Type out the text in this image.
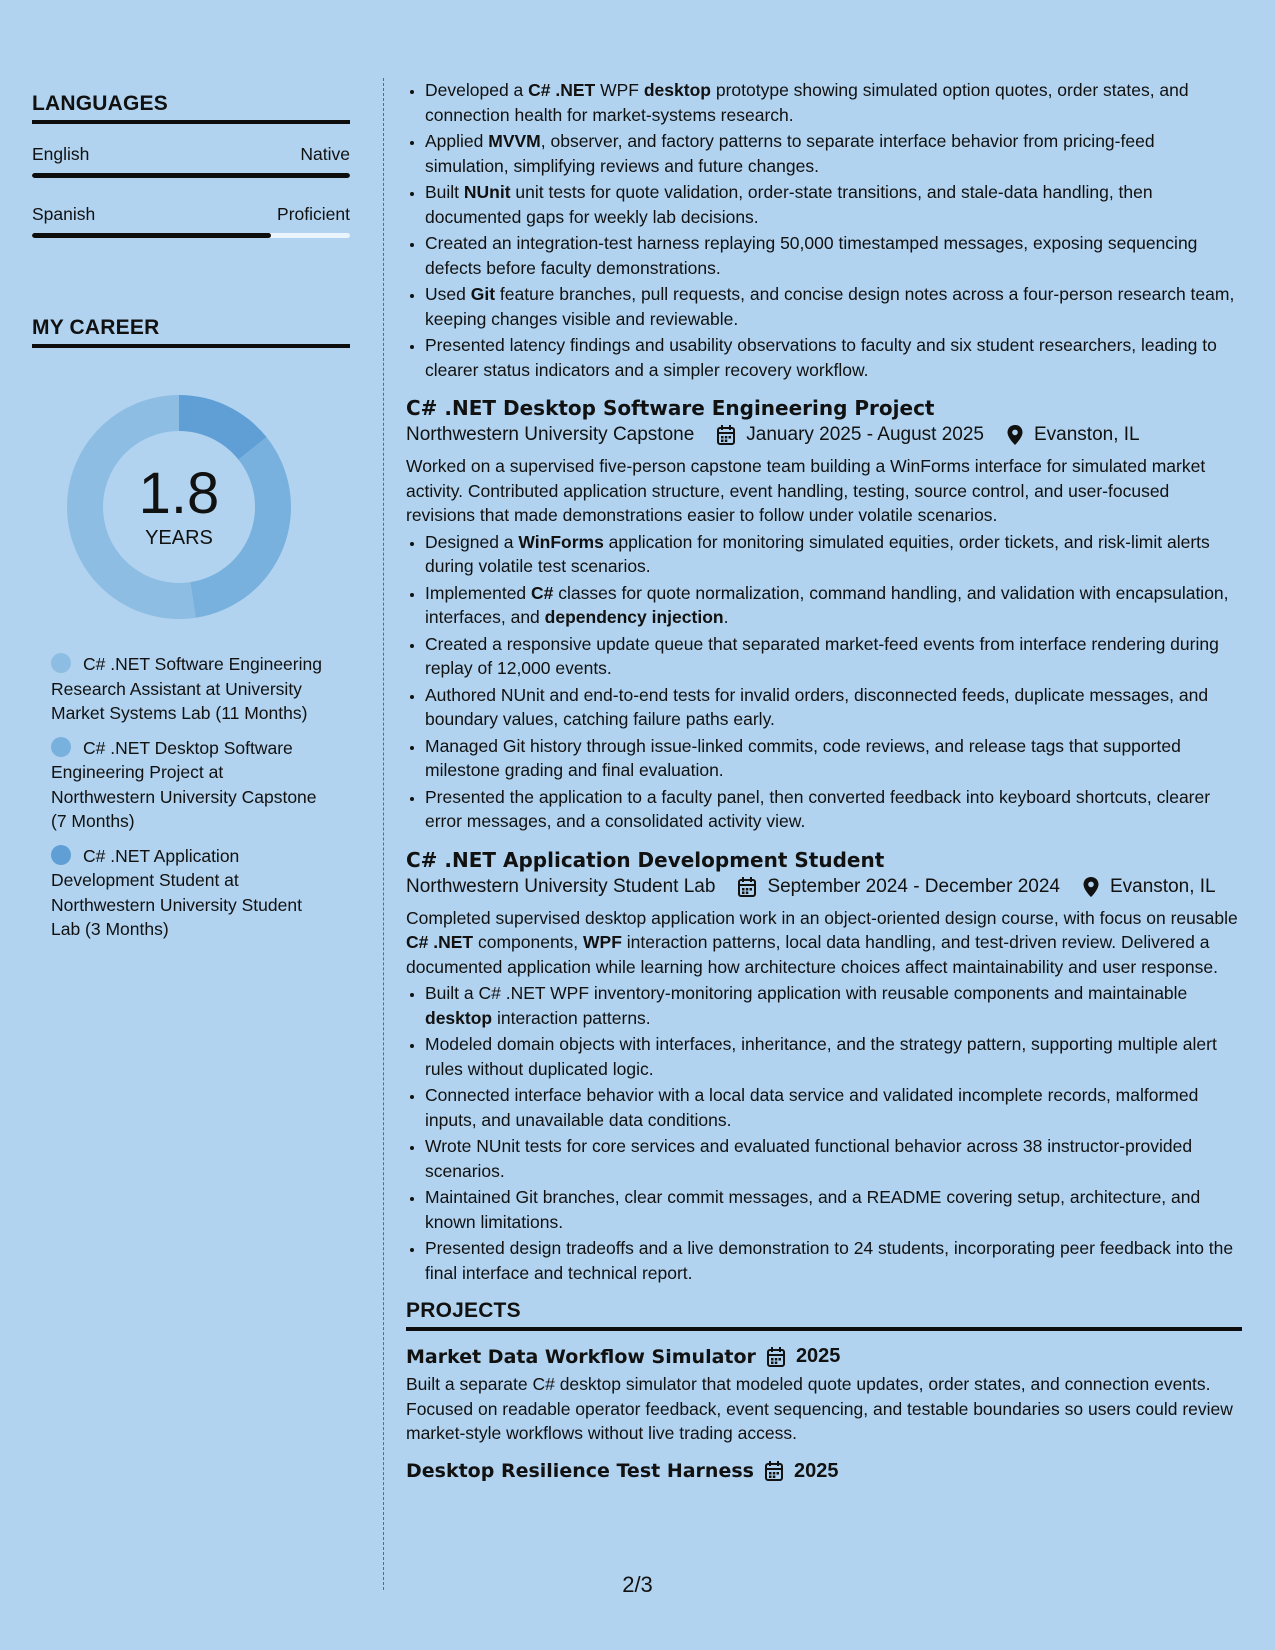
LANGUAGES
English	Native
Spanish	Proficient
MY CAREER
1.8
YEARS
C# .NET Software Engineering Research Assistant at University Market Systems Lab (11 Months)
C# .NET Desktop Software Engineering Project at Northwestern University Capstone (7 Months)
C# .NET Application Development Student at Northwestern University Student Lab (3 Months)
• Developed a C# .NET WPF desktop prototype showing simulated option quotes, order states, and connection health for market-systems research.
• Applied MVVM, observer, and factory patterns to separate interface behavior from pricing-feed simulation, simplifying reviews and future changes.
• Built NUnit unit tests for quote validation, order-state transitions, and stale-data handling, then documented gaps for weekly lab decisions.
• Created an integration-test harness replaying 50,000 timestamped messages, exposing sequencing defects before faculty demonstrations.
• Used Git feature branches, pull requests, and concise design notes across a four-person research team, keeping changes visible and reviewable.
• Presented latency findings and usability observations to faculty and six student researchers, leading to clearer status indicators and a simpler recovery workflow.
C# .NET Desktop Software Engineering Project
Northwestern University Capstone	January 2025 - August 2025	Evanston, IL

Worked on a supervised five-person capstone team building a WinForms interface for simulated market activity. Contributed application structure, event handling, testing, source control, and user-focused revisions that made demonstrations easier to follow under volatile scenarios.

• Designed a WinForms application for monitoring simulated equities, order tickets, and risk-limit alerts during volatile test scenarios.
• Implemented C# classes for quote normalization, command handling, and validation with encapsulation, interfaces, and dependency injection.
• Created a responsive update queue that separated market-feed events from interface rendering during replay of 12,000 events.
• Authored NUnit and end-to-end tests for invalid orders, disconnected feeds, duplicate messages, and boundary values, catching failure paths early.
• Managed Git history through issue-linked commits, code reviews, and release tags that supported milestone grading and final evaluation.
• Presented the application to a faculty panel, then converted feedback into keyboard shortcuts, clearer error messages, and a consolidated activity view.
C# .NET Application Development Student
Northwestern University Student Lab	September 2024 - December 2024	Evanston, IL

Completed supervised desktop application work in an object-oriented design course, with focus on reusable C# .NET components, WPF interaction patterns, local data handling, and test-driven review. Delivered a documented application while learning how architecture choices affect maintainability and user response.

• Built a C# .NET WPF inventory-monitoring application with reusable components and maintainable desktop interaction patterns.
• Modeled domain objects with interfaces, inheritance, and the strategy pattern, supporting multiple alert rules without duplicated logic.
• Connected interface behavior with a local data service and validated incomplete records, malformed inputs, and unavailable data conditions.
• Wrote NUnit tests for core services and evaluated functional behavior across 38 instructor-provided scenarios.
• Maintained Git branches, clear commit messages, and a README covering setup, architecture, and known limitations.
• Presented design tradeoffs and a live demonstration to 24 students, incorporating peer feedback into the final interface and technical report.
PROJECTS
Market Data Workflow Simulator 2025

Built a separate C# desktop simulator that modeled quote updates, order states, and connection events. Focused on readable operator feedback, event sequencing, and testable boundaries so users could review market-style workflows without live trading access.

Desktop Resilience Test Harness 2025
2/3
